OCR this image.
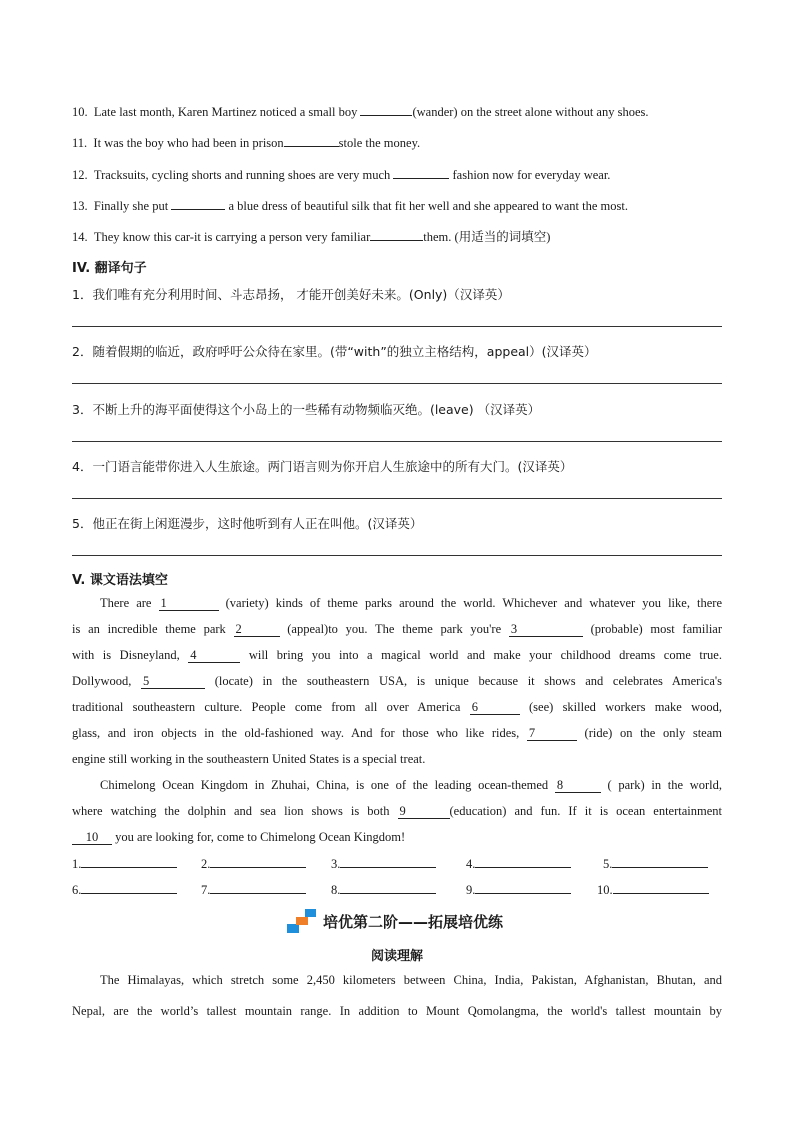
10. Late last month, Karen Martinez noticed a small boy	(wander) on the street alone without any shoes.
11. It was the boy who had been in prison	stole the money.
12. Tracksuits, cycling shorts and running shoes are very much	fashion now for everyday wear.
13. Finally she put	a blue dress of beautiful silk that fit her well and she appeared to want the most.
14. They know this car-it is carrying a person very familiar	them. (用适当的词填空)
IV. 翻译句子
1．我们唯有充分利用时间、斗志昂扬， 才能开创美好未来。(Only)（汉译英）
2．随着假期的临近，政府呼吁公众待在家里。(带“with”的独立主格结构，appeal）(汉译英）
3．不断上升的海平面使得这个小岛上的一些稀有动物频临灭绝。(leave) （汉译英）
4．一门语言能带你进入人生旅途。两门语言则为你开启人生旅途中的所有大门。(汉译英）
5．他正在街上闲逛漫步，这时他听到有人正在叫他。(汉译英）
V. 课文语法填空
There are 1	(variety) kinds of theme parks around the world. Whichever and whatever you like, there
is an incredible theme park 2	(appeal)to you. The theme park you're 3	(probable) most familiar
with is Disneyland, 4	will bring you into a magical world and make your childhood dreams come true.
Dollywood, 5	(locate) in the southeastern USA, is unique because it shows and celebrates America's
traditional southeastern culture. People come from all over America 6	(see) skilled workers make wood,
glass, and iron objects in the old-fashioned way. And for those who like rides, 7	(ride) on the only steam
engine still working in the southeastern United States is a special treat.
Chimelong Ocean Kingdom in Zhuhai, China, is one of the leading ocean-themed 8	( park) in the world,
where watching the dolphin and sea lion shows is both 9	(education) and fun. If it is ocean entertainment
10 you are looking for, come to Chimelong Ocean Kingdom!
1.	2.	3.	4.	5.
6.	7.	8.	9.	10.
培优第二阶——拓展培优练
阅读理解
The Himalayas, which stretch some 2,450 kilometers between China, India, Pakistan, Afghanistan, Bhutan, and
Nepal, are the world’s tallest mountain range. In addition to Mount Qomolangma, the world's tallest mountain by
